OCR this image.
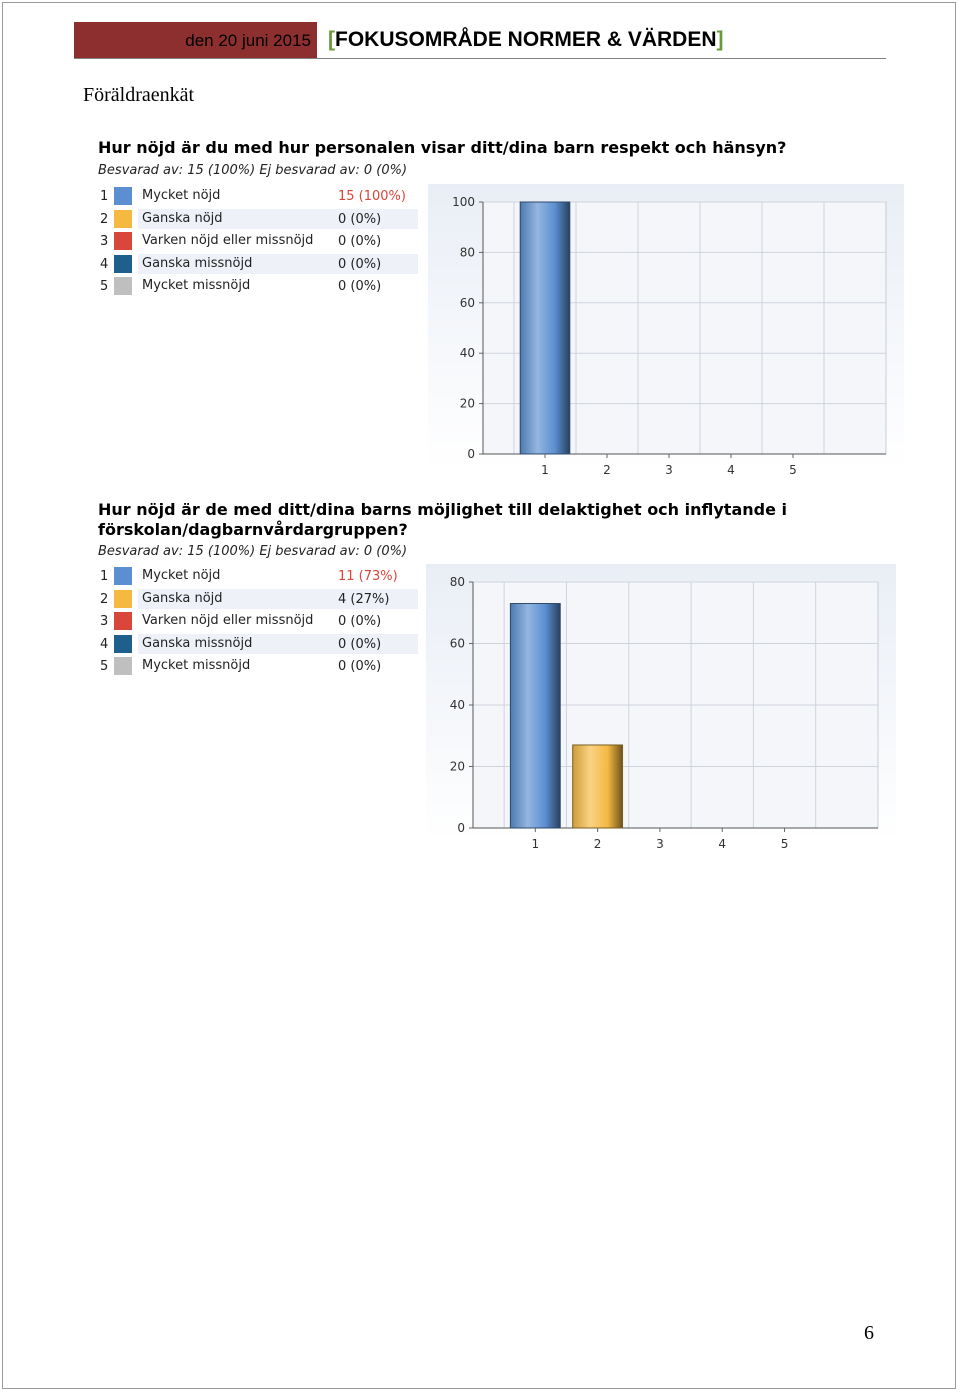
den 20 juni 2015 [FOKUSOMRÅDE NORMER & VÄRDEN]
Föräldraenkät
Hur nöjd är du med hur personalen visar ditt/dina barn respekt och hänsyn?
Besvarad av: 15 (100%) Ej besvarad av: 0 (0%)
1	Mycket nöjd	15 (100%)
2	Ganska nöjd	0 (0%)
3	Varken nöjd eller missnöjd 0 (0%)
4	Ganska missnöjd	0 (0%)
5	Mycket missnöjd	0 (0%)
0
20
40
60
80
100
1	2	3	4	5
Hur nöjd är de med ditt/dina barns möjlighet till delaktighet och inflytande i förskolan/dagbarnvårdargruppen?
Besvarad av: 15 (100%) Ej besvarad av: 0 (0%)
1	Mycket nöjd	11 (73%)
2	Ganska nöjd	4 (27%)
3	Varken nöjd eller missnöjd 0 (0%)
4	Ganska missnöjd	0 (0%)
5	Mycket missnöjd	0 (0%)
0
20
40
60
80
1	2	3	4	5
6
